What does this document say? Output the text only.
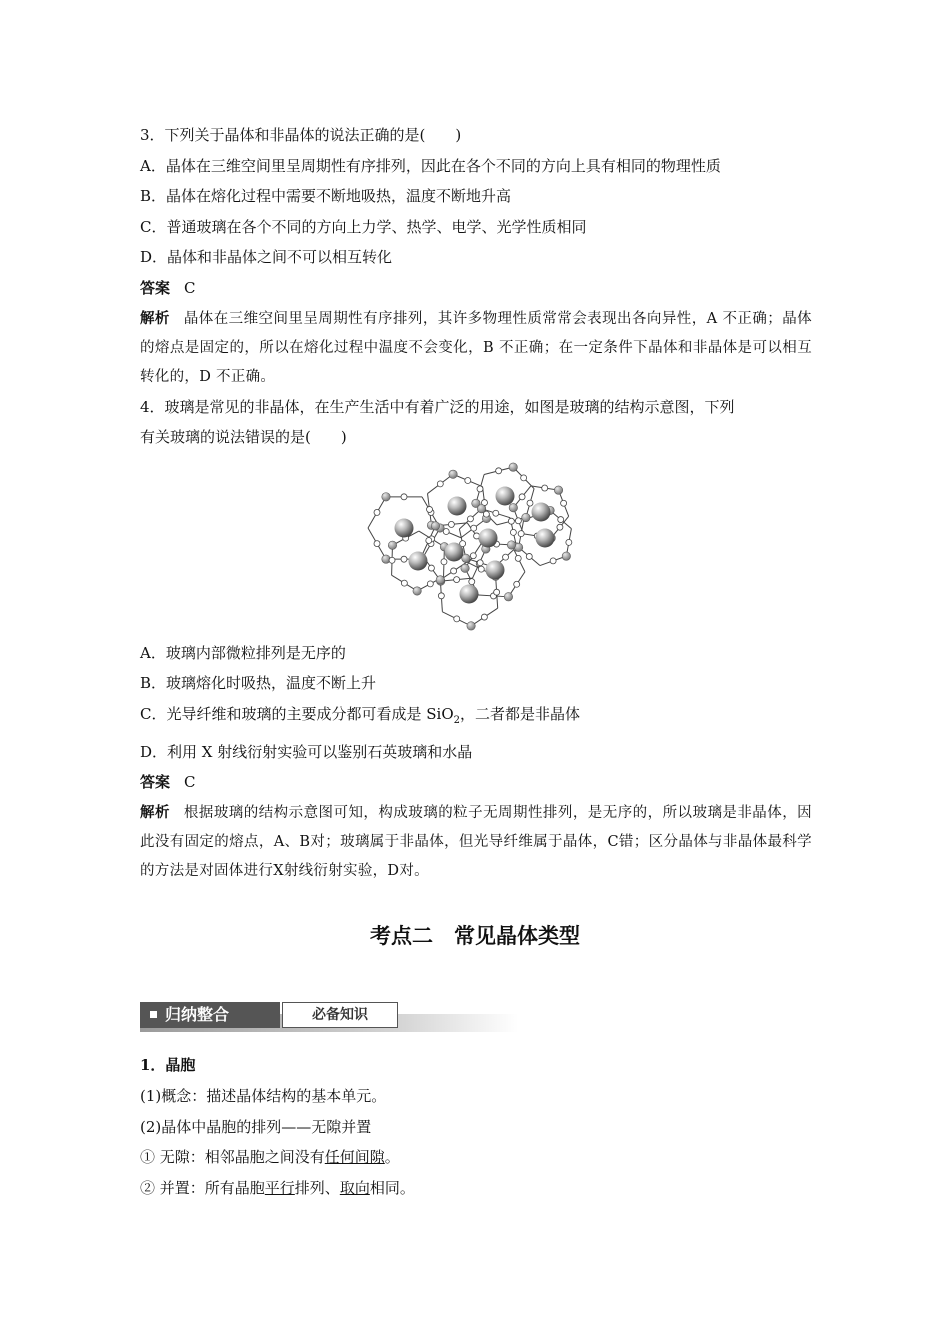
3．下列关于晶体和非晶体的说法正确的是(　　)
A．晶体在三维空间里呈周期性有序排列，因此在各个不同的方向上具有相同的物理性质
B．晶体在熔化过程中需要不断地吸热，温度不断地升高
C．普通玻璃在各个不同的方向上力学、热学、电学、光学性质相同
D．晶体和非晶体之间不可以相互转化
答案 C
解析 晶体在三维空间里呈周期性有序排列，其许多物理性质常常会表现出各向异性，A 不正确；晶体的熔点是固定的，所以在熔化过程中温度不会变化，B 不正确；在一定条件下晶体和非晶体是可以相互转化的，D 不正确。
4．玻璃是常见的非晶体，在生产生活中有着广泛的用途，如图是玻璃的结构示意图，下列
有关玻璃的说法错误的是(　　)
A．玻璃内部微粒排列是无序的
B．玻璃熔化时吸热，温度不断上升
C．光导纤维和玻璃的主要成分都可看成是 SiO$_2$，二者都是非晶体
D．利用 X 射线衍射实验可以鉴别石英玻璃和水晶
答案 C
解析 根据玻璃的结构示意图可知，构成玻璃的粒子无周期性排列，是无序的，所以玻璃是非晶体，因此没有固定的熔点，A、B对；玻璃属于非晶体，但光导纤维属于晶体，C错；区分晶体与非晶体最科学的方法是对固体进行X射线衍射实验，D对。
考点二　常见晶体类型
归纳整合	必备知识
1．晶胞
(1)概念：描述晶体结构的基本单元。
(2)晶体中晶胞的排列——无隙并置
① 无隙：相邻晶胞之间没有任何间隙。
② 并置：所有晶胞平行排列、取向相同。
